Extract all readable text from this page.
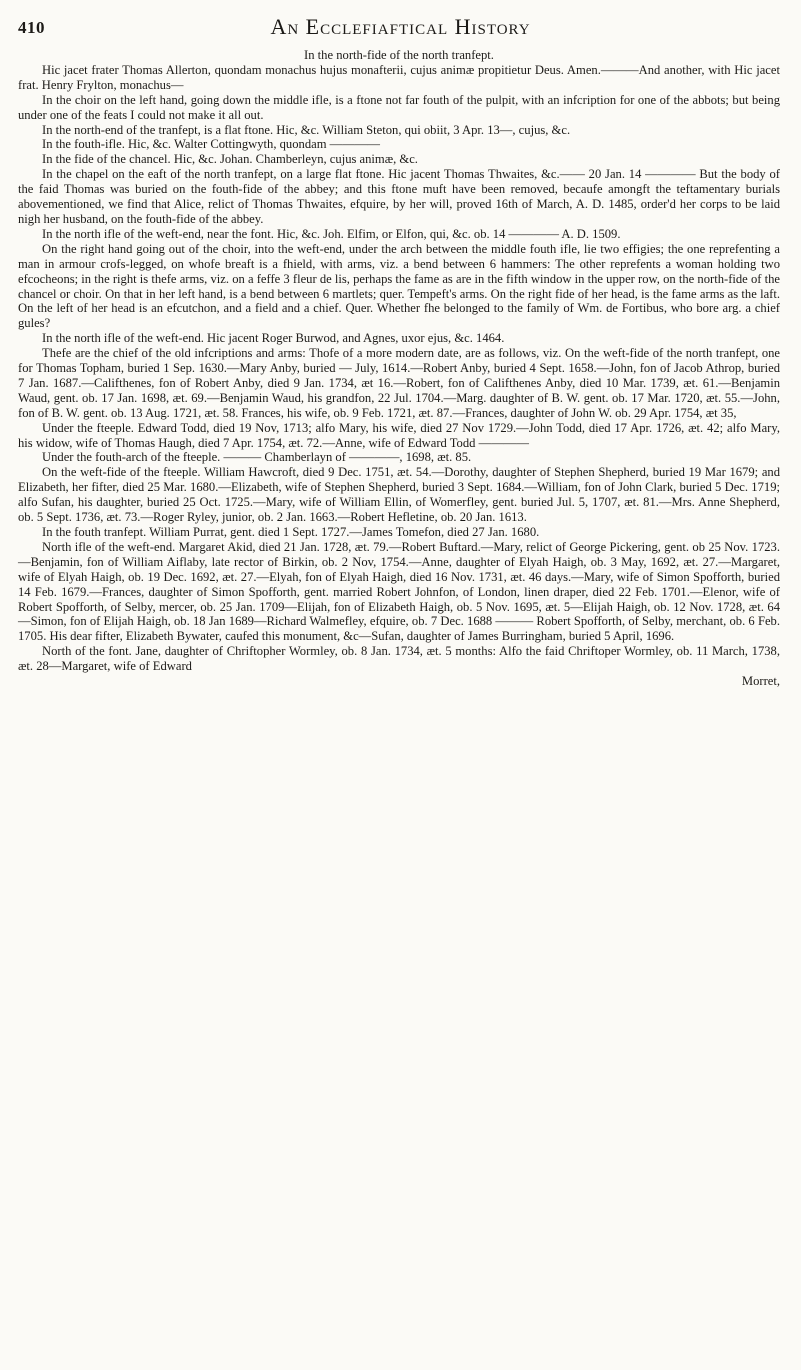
410	An Ecclefiaftical History

In the north-fide of the north tranfept.

Hic jacet frater Thomas Allerton, quondam monachus hujus monafterii, cujus animæ propitietur Deus. Amen.———And another, with Hic jacet frat. Henry Frylton, monachus—

In the choir on the left hand, going down the middle ifle, is a ftone not far fouth of the pulpit, with an infcription for one of the abbots; but being under one of the feats I could not make it all out.

In the north-end of the tranfept, is a flat ftone. Hic, &c. William Steton, qui obiit, 3 Apr. 13—, cujus, &c.

In the fouth-ifle. Hic, &c. Walter Cottingwyth, quondam ————

In the fide of the chancel. Hic, &c. Johan. Chamberleyn, cujus animæ, &c.

In the chapel on the eaft of the north tranfept, on a large flat ftone. Hic jacent Thomas Thwaites, &c.—— 20 Jan. 14 ———— But the body of the faid Thomas was buried on the fouth-fide of the abbey; and this ftone muft have been removed, becaufe amongft the teftamentary burials abovementioned, we find that Alice, relict of Thomas Thwaites, efquire, by her will, proved 16th of March, A. D. 1485, order'd her corps to be laid nigh her husband, on the fouth-fide of the abbey.

In the north ifle of the weft-end, near the font. Hic, &c. Joh. Elfim, or Elfon, qui, &c. ob. 14 ———— A. D. 1509.

On the right hand going out of the choir, into the weft-end, under the arch between the middle fouth ifle, lie two effigies; the one reprefenting a man in armour crofs-legged, on whofe breaft is a fhield, with arms, viz. a bend between 6 hammers: The other reprefents a woman holding two efcocheons; in the right is thefe arms, viz. on a feffe 3 fleur de lis, perhaps the fame as are in the fifth window in the upper row, on the north-fide of the chancel or choir. On that in her left hand, is a bend between 6 martlets; quer. Tempeft's arms. On the right fide of her head, is the fame arms as the laft. On the left of her head is an efcutchon, and a field and a chief. Quer. Whether fhe belonged to the family of Wm. de Fortibus, who bore arg. a chief gules?

In the north ifle of the weft-end. Hic jacent Roger Burwod, and Agnes, uxor ejus, &c. 1464.

Thefe are the chief of the old infcriptions and arms: Thofe of a more modern date, are as follows, viz. On the weft-fide of the north tranfept, one for Thomas Topham, buried 1 Sep. 1630.—Mary Anby, buried — July, 1614.—Robert Anby, buried 4 Sept. 1658.—John, fon of Jacob Athrop, buried 7 Jan. 1687.—Califthenes, fon of Robert Anby, died 9 Jan. 1734, æt 16.—Robert, fon of Califthenes Anby, died 10 Mar. 1739, æt. 61.—Benjamin Waud, gent. ob. 17 Jan. 1698, æt. 69.—Benjamin Waud, his grandfon, 22 Jul. 1704.—Marg. daughter of B. W. gent. ob. 17 Mar. 1720, æt. 55.—John, fon of B. W. gent. ob. 13 Aug. 1721, æt. 58. Frances, his wife, ob. 9 Feb. 1721, æt. 87.—Frances, daughter of John W. ob. 29 Apr. 1754, æt 35,

Under the fteeple. Edward Todd, died 19 Nov, 1713; alfo Mary, his wife, died 27 Nov 1729.—John Todd, died 17 Apr. 1726, æt. 42; alfo Mary, his widow, wife of Thomas Haugh, died 7 Apr. 1754, æt. 72.—Anne, wife of Edward Todd ————

Under the fouth-arch of the fteeple. ——— Chamberlayn of ————, 1698, æt. 85.

On the weft-fide of the fteeple. William Hawcroft, died 9 Dec. 1751, æt. 54.—Dorothy, daughter of Stephen Shepherd, buried 19 Mar 1679; and Elizabeth, her fifter, died 25 Mar. 1680.—Elizabeth, wife of Stephen Shepherd, buried 3 Sept. 1684.—William, fon of John Clark, buried 5 Dec. 1719; alfo Sufan, his daughter, buried 25 Oct. 1725.—Mary, wife of William Ellin, of Womerfley, gent. buried Jul. 5, 1707, æt. 81.—Mrs. Anne Shepherd, ob. 5 Sept. 1736, æt. 73.—Roger Ryley, junior, ob. 2 Jan. 1663.—Robert Hefletine, ob. 20 Jan. 1613.

In the fouth tranfept. William Purrat, gent. died 1 Sept. 1727.—James Tomefon, died 27 Jan. 1680.

North ifle of the weft-end. Margaret Akid, died 21 Jan. 1728, æt. 79.—Robert Buftard.—Mary, relict of George Pickering, gent. ob 25 Nov. 1723.—Benjamin, fon of William Aiflaby, late rector of Birkin, ob. 2 Nov, 1754.—Anne, daughter of Elyah Haigh, ob. 3 May, 1692, æt. 27.—Margaret, wife of Elyah Haigh, ob. 19 Dec. 1692, æt. 27.—Elyah, fon of Elyah Haigh, died 16 Nov. 1731, æt. 46 days.—Mary, wife of Simon Spofforth, buried 14 Feb. 1679.—Frances, daughter of Simon Spofforth, gent. married Robert Johnfon, of London, linen draper, died 22 Feb. 1701.—Elenor, wife of Robert Spofforth, of Selby, mercer, ob. 25 Jan. 1709—Elijah, fon of Elizabeth Haigh, ob. 5 Nov. 1695, æt. 5—Elijah Haigh, ob. 12 Nov. 1728, æt. 64—Simon, fon of Elijah Haigh, ob. 18 Jan 1689—Richard Walmefley, efquire, ob. 7 Dec. 1688 ——— Robert Spofforth, of Selby, merchant, ob. 6 Feb. 1705. His dear fifter, Elizabeth Bywater, caufed this monument, &c—Sufan, daughter of James Burringham, buried 5 April, 1696.

North of the font. Jane, daughter of Chriftopher Wormley, ob. 8 Jan. 1734, æt. 5 months: Alfo the faid Chriftoper Wormley, ob. 11 March, 1738, æt. 28—Margaret, wife of Edward

Morret,
